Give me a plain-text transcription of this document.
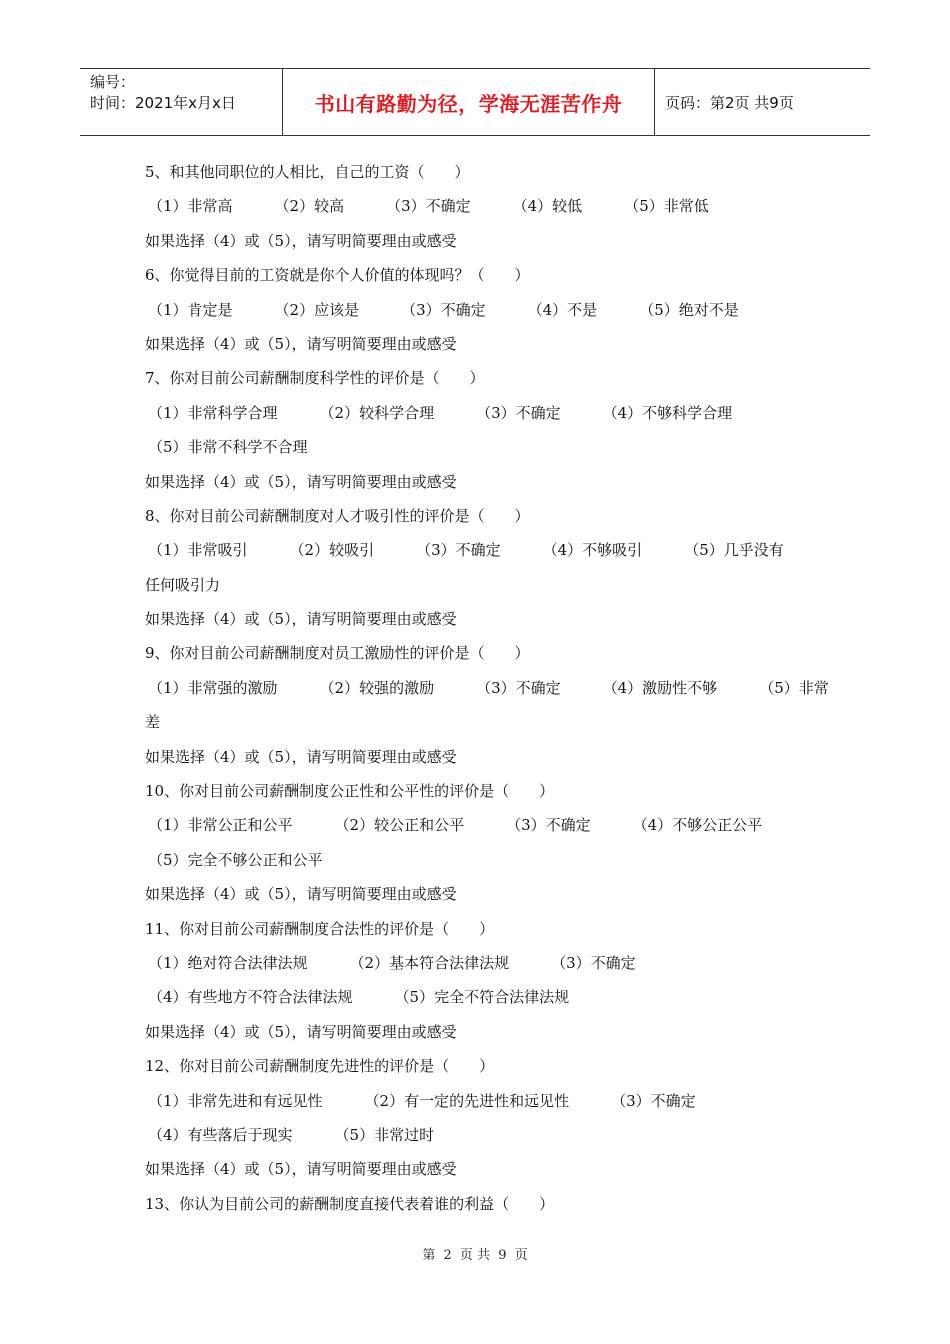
编号：
时间：2021年x月x日	书山有路勤为径，学海无涯苦作舟	页码：第2页 共9页
5、和其他同职位的人相比，自己的工资（　　）
（1）非常高	（2）较高	（3）不确定	（4）较低	（5）非常低
如果选择（4）或（5），请写明简要理由或感受
6、你觉得目前的工资就是你个人价值的体现吗？（　　）
（1）肯定是	（2）应该是	（3）不确定	（4）不是	（5）绝对不是
如果选择（4）或（5），请写明简要理由或感受
7、你对目前公司薪酬制度科学性的评价是（　　）
（1）非常科学合理	（2）较科学合理	（3）不确定	（4）不够科学合理
（5）非常不科学不合理
如果选择（4）或（5），请写明简要理由或感受
8、你对目前公司薪酬制度对人才吸引性的评价是（　　）
（1）非常吸引	（2）较吸引	（3）不确定	（4）不够吸引	（5）几乎没有
任何吸引力
如果选择（4）或（5），请写明简要理由或感受
9、你对目前公司薪酬制度对员工激励性的评价是（　　）
（1）非常强的激励	（2）较强的激励	（3）不确定	（4）激励性不够	（5）非常
差
如果选择（4）或（5），请写明简要理由或感受
10、你对目前公司薪酬制度公正性和公平性的评价是（　　）
（1）非常公正和公平	（2）较公正和公平	（3）不确定	（4）不够公正公平
（5）完全不够公正和公平
如果选择（4）或（5），请写明简要理由或感受
11、你对目前公司薪酬制度合法性的评价是（　　）
（1）绝对符合法律法规	（2）基本符合法律法规	（3）不确定
（4）有些地方不符合法律法规	（5）完全不符合法律法规
如果选择（4）或（5），请写明简要理由或感受
12、你对目前公司薪酬制度先进性的评价是（　　）
（1）非常先进和有远见性	（2）有一定的先进性和远见性	（3）不确定
（4）有些落后于现实	（5）非常过时
如果选择（4）或（5），请写明简要理由或感受
13、你认为目前公司的薪酬制度直接代表着谁的利益（　　）
第 2 页 共 9 页
